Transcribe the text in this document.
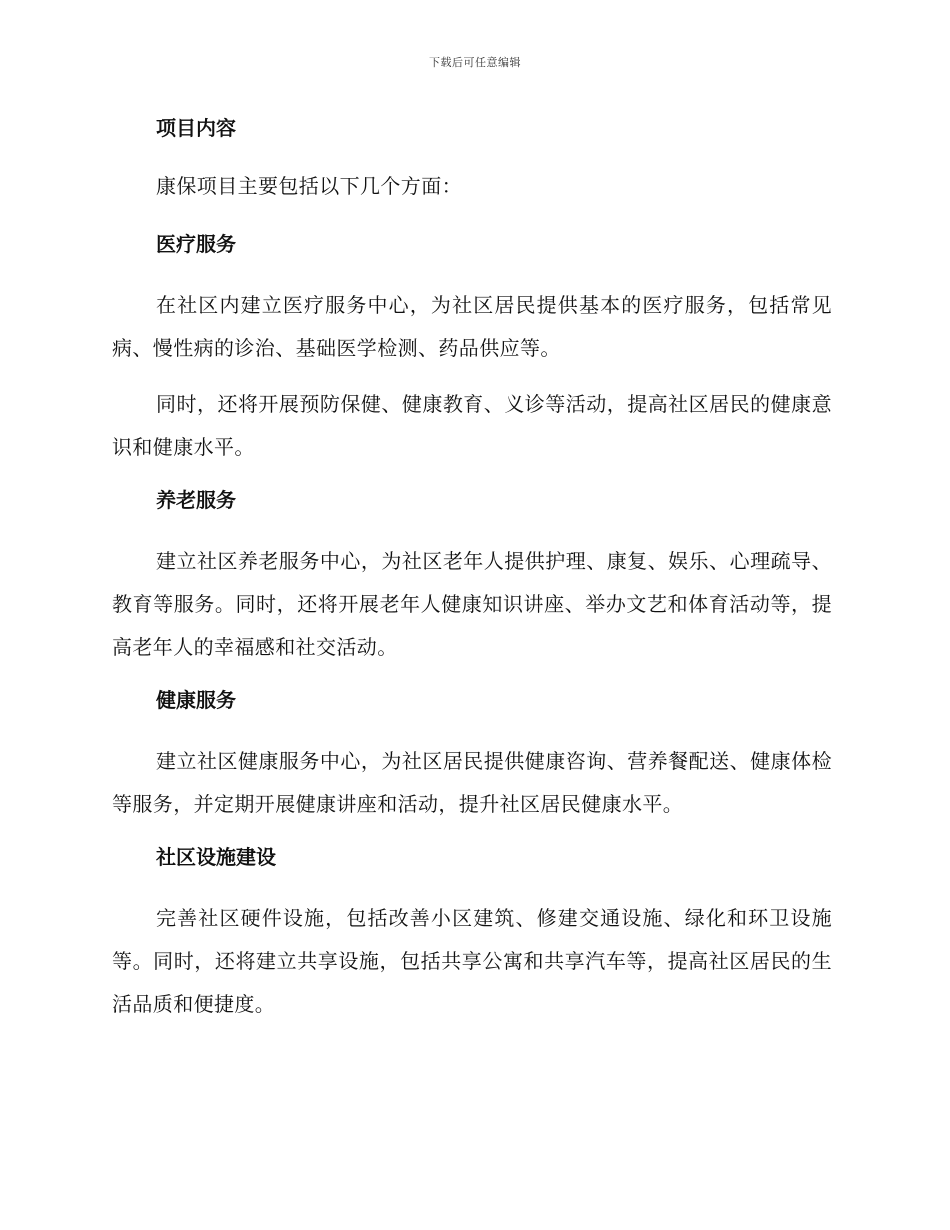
下载后可任意编辑
项目内容

康保项目主要包括以下几个方面：

医疗服务

在社区内建立医疗服务中心，为社区居民提供基本的医疗服务，包括常见病、慢性病的诊治、基础医学检测、药品供应等。

同时，还将开展预防保健、健康教育、义诊等活动，提高社区居民的健康意识和健康水平。

养老服务

建立社区养老服务中心，为社区老年人提供护理、康复、娱乐、心理疏导、教育等服务。同时，还将开展老年人健康知识讲座、举办文艺和体育活动等，提高老年人的幸福感和社交活动。

健康服务

建立社区健康服务中心，为社区居民提供健康咨询、营养餐配送、健康体检等服务，并定期开展健康讲座和活动，提升社区居民健康水平。

社区设施建设

完善社区硬件设施，包括改善小区建筑、修建交通设施、绿化和环卫设施等。同时，还将建立共享设施，包括共享公寓和共享汽车等，提高社区居民的生活品质和便捷度。
